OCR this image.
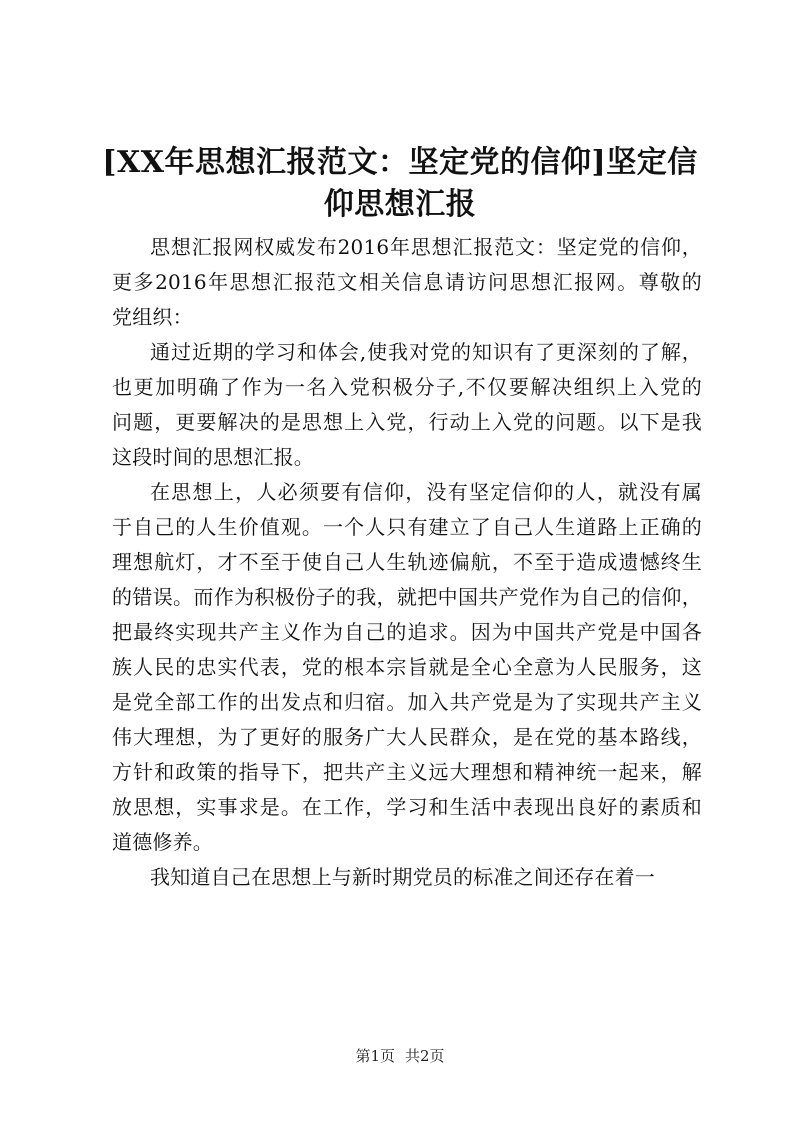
[XX年思想汇报范文：坚定党的信仰]坚定信
仰思想汇报
思想汇报网权威发布2016年思想汇报范文：坚定党的信仰，
更多2016年思想汇报范文相关信息请访问思想汇报网。尊敬的
党组织：
通过近期的学习和体会,使我对党的知识有了更深刻的了解，
也更加明确了作为一名入党积极分子,不仅要解决组织上入党的
问题，更要解决的是思想上入党，行动上入党的问题。以下是我
这段时间的思想汇报。
在思想上，人必须要有信仰，没有坚定信仰的人，就没有属
于自己的人生价值观。一个人只有建立了自己人生道路上正确的
理想航灯，才不至于使自己人生轨迹偏航，不至于造成遗憾终生
的错误。而作为积极份子的我，就把中国共产党作为自己的信仰，
把最终实现共产主义作为自己的追求。因为中国共产党是中国各
族人民的忠实代表，党的根本宗旨就是全心全意为人民服务，这
是党全部工作的出发点和归宿。加入共产党是为了实现共产主义
伟大理想，为了更好的服务广大人民群众，是在党的基本路线，
方针和政策的指导下，把共产主义远大理想和精神统一起来，解
放思想，实事求是。在工作，学习和生活中表现出良好的素质和
道德修养。
我知道自己在思想上与新时期党员的标准之间还存在着一
第1页 共2页
